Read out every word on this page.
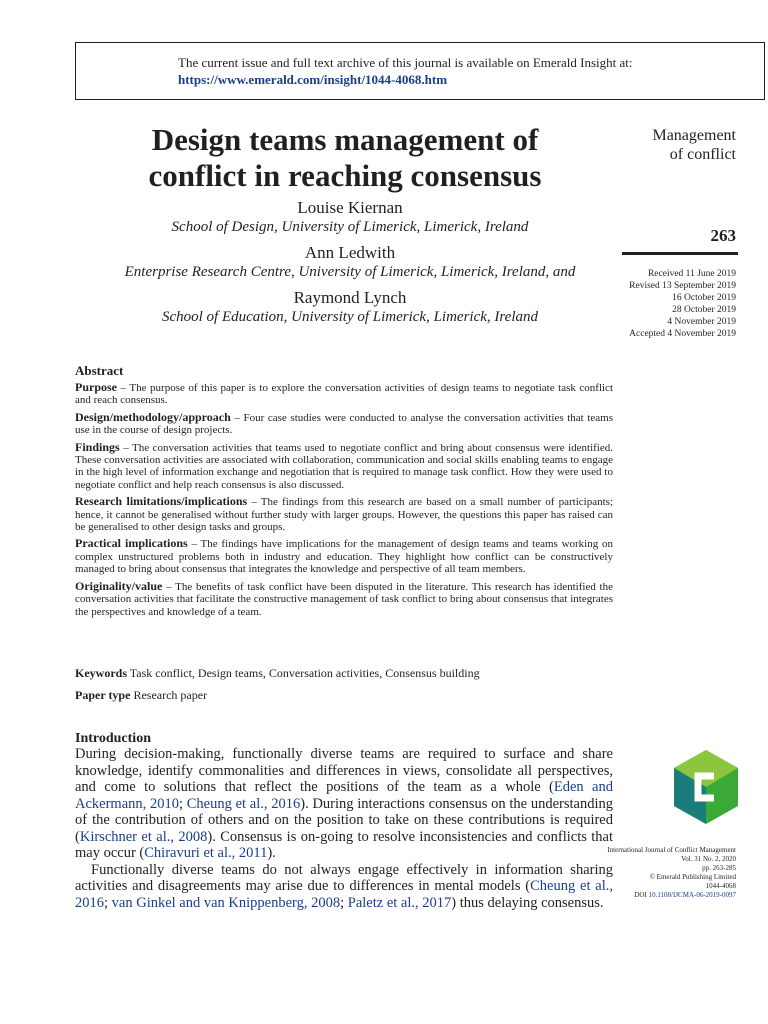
The current issue and full text archive of this journal is available on Emerald Insight at:
https://www.emerald.com/insight/1044-4068.htm
Design teams management of
conflict in reaching consensus
Louise Kiernan
School of Design, University of Limerick, Limerick, Ireland
Ann Ledwith
Enterprise Research Centre, University of Limerick, Limerick, Ireland, and
Raymond Lynch
School of Education, University of Limerick, Limerick, Ireland
Management
of conflict
263
Received 11 June 2019
Revised 13 September 2019
16 October 2019
28 October 2019
4 November 2019
Accepted 4 November 2019
Abstract

Purpose – The purpose of this paper is to explore the conversation activities of design teams to negotiate task conflict and reach consensus.

Design/methodology/approach – Four case studies were conducted to analyse the conversation activities that teams use in the course of design projects.

Findings – The conversation activities that teams used to negotiate conflict and bring about consensus were identified. These conversation activities are associated with collaboration, communication and social skills enabling teams to engage in the high level of information exchange and negotiation that is required to manage task conflict. How they were used to negotiate conflict and help reach consensus is also discussed.

Research limitations/implications – The findings from this research are based on a small number of participants; hence, it cannot be generalised without further study with larger groups. However, the questions this paper has raised can be generalised to other design tasks and groups.

Practical implications – The findings have implications for the management of design teams and teams working on complex unstructured problems both in industry and education. They highlight how conflict can be constructively managed to bring about consensus that integrates the knowledge and perspective of all team members.

Originality/value – The benefits of task conflict have been disputed in the literature. This research has identified the conversation activities that facilitate the constructive management of task conflict to bring about consensus that integrates the perspectives and knowledge of a team.

Keywords Task conflict, Design teams, Conversation activities, Consensus building
Paper type Research paper
Introduction

During decision-making, functionally diverse teams are required to surface and share knowledge, identify commonalities and differences in views, consolidate all perspectives, and come to solutions that reflect the positions of the team as a whole (Eden and Ackermann, 2010; Cheung et al., 2016). During interactions consensus on the understanding of the contribution of others and on the position to take on these contributions is required (Kirschner et al., 2008). Consensus is on-going to resolve inconsistencies and conflicts that may occur (Chiravuri et al., 2011).

Functionally diverse teams do not always engage effectively in information sharing activities and disagreements may arise due to differences in mental models (Cheung et al., 2016; van Ginkel and van Knippenberg, 2008; Paletz et al., 2017) thus delaying consensus.

International Journal of Conflict Management
Vol. 31 No. 2, 2020
pp. 263-285
© Emerald Publishing Limited
1044-4068
DOI 10.1108/IJCMA-06-2019-0097
